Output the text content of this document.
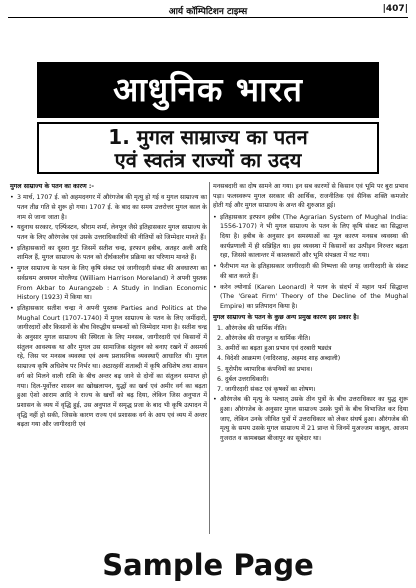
आर्य कॉम्पिटिशन टाइम्स	|407|
आधुनिक भारत
1. मुगल साम्राज्य का पतन
एवं स्वतंत्र राज्यों का उदय

मुगल साम्राज्य के पतन का कारण :-

• 3 मार्च, 1707 ई. को अहमदनगर में औरंगजेब की मृत्यु हो गई व मुगल साम्राज्य का पतन तीव्र गति से शुरू हो गया। 1707 ई. के बाद का समय उत्तरोत्तर मुगल काल के नाम से जाना जाता है।
• यदुनाथ सरकार, एल्फिंस्टन, श्रीराम शर्मा, लेनपूल जैसे इतिहासकार मुगल साम्राज्य के पतन के लिए औरंगजेब एवं उसके उत्तराधिकारियों की नीतियों को जिम्मेदार मानते हैं।
• इतिहासकारों का दूसरा गुट जिसमें सतीश चन्द्र, इरफान हबीब, अतहर अली आदि शामिल हैं, मुगल साम्राज्य के पतन को दीर्घकालीन प्रक्रिया का परिणाम मानते हैं।
• मुगल साम्राज्य के पतन के लिए कृषि संकट एवं जागीरदारी संकट की अवधारणा का सर्वप्रथम अध्ययन मोरलैण्ड (William Harrison Moreland) ने अपनी पुस्तक From Akbar to Aurangzeb : A Study in Indian Economic History (1923) में किया था।
• इतिहासकार सतीश चन्द्रा ने अपनी पुस्तक Parties and Politics at the Mughal Court (1707-1740) में मुगल साम्राज्य के पतन के लिए जमींदारों, जागीरदारों और किसानों के बीच विरुद्धीय सम्बन्धों को जिम्मेदार माना है। सतीश चन्द्र के अनुसार मुगल साम्राज्य की स्थिरता के लिए मनसब, जागीरदारी एवं किसानों में संतुलन आवश्यक था और मुगल उस सामाजिक संतुलन को बनाए रखने में असमर्थ रहे, जिस पर मनसब व्यवस्था एवं अन्य प्रशासनिक व्यवस्थाएँ आधारित थी। मुगल साम्राज्य कृषि अधिशेष पर निर्भर था। अठारहवीं शताब्दी में कृषि अधिशेष तथा शासन वर्ग को मिलने वाली राशि के बीच अन्तर बढ़ जाने से दोनों का संतुलन समाप्त हो गया। दिल-पूर्वोत्तर शासन का खोखलापन, युद्धों का खर्च एवं अमीर वर्ग का बढ़ता हुआ ऐशो आराम आदि ने राज्य के खर्चों को बढ़ दिया, लेकिन जिस अनुपात में प्रशासन के व्यय में वृद्धि हुई, उस अनुपात में समृद्ध प्रजा के बाद भी कृषि उत्पादन में वृद्धि नहीं हो सकी, जिसके कारण राज्य एवं प्रशासक वर्ग के आय एवं व्यय में अन्तर बढ़ता गया और जागीरदारी एवं

मनसबदारी का दोष सामने आ गया। इन सब कारणों से किसान एवं भूमि पर बुरा प्रभाव पड़ा। फलस्वरूप मुगल सरकार की आर्थिक, राजनीतिक एवं सैनिक शक्ति कमजोर होती गई और मुगल साम्राज्य के अन्त की शुरुआत हुई।

• इतिहासकार इरफान हबीब (The Agrarian System of Mughal India: 1556-1707) ने भी मुगल साम्राज्य के पतन के लिए कृषि संकट का सिद्धान्त दिया है। हबीब के अनुसार इन समस्याओं का मूल कारण मनसब व्यवस्था की कार्यप्रणाली में ही सन्निहित था। इस व्यवस्था में किसानों का उत्पीड़न निरन्तर बढ़ता रहा, जिससे कालान्तर में काश्तकारों और भूमि संपन्नता में घट गया।
• फैरीभाग मत के इतिहासकार जागीरदारी की निष्पत्ता की जगह जागीरदारी के संकट की बात करते हैं।
• करेन ल्योनार्ड (Karen Leonard) ने पतन के संदर्भ में महान फर्म सिद्धान्त (The 'Great Firm' Theory of the Decline of the Mughal Empire) का प्रतिपादन किया है।

मुगल साम्राज्य के पतन के कुछ अन्य प्रमुख कारण इस प्रकार है।

1. औरंगजेब की धार्मिक नीति।
2. औरंगजेब की राजपूत व धार्मिक नीति।
3. अमीरों का बढ़ता हुआ प्रभाव एवं दरबारी षड्यंत्र
4. विदेशी आक्रमण (नादिरशाह, अहमद शाह अब्दाली)
5. यूरोपीय व्यापारिक कंपनियों का प्रभाव।
6. दुर्बल उत्तराधिकारी।
7. जागीरदारी संकट एवं कृषकों का शोषण।
• औरंगजेब की मृत्यु के पश्चात् उसके तीन पुत्रों के बीच उत्तराधिकार का युद्ध शुरू हुआ। औरंगजेब के अनुसार मुगल साम्राज्य उसके पुत्रों के बीच विभाजित कर दिया जाए, लेकिन उनके जीवित पुत्रों में उत्तराधिकार को लेकर संघर्ष हुआ। औरंगजेब की मृत्यु के समय उसके मुगल साम्राज्य में 21 प्रान्त थे जिनमें मुअज्जम काबुल, आजम गुजरात व कामबख्श बीजापुर का सूबेदार था।
Sample Page
